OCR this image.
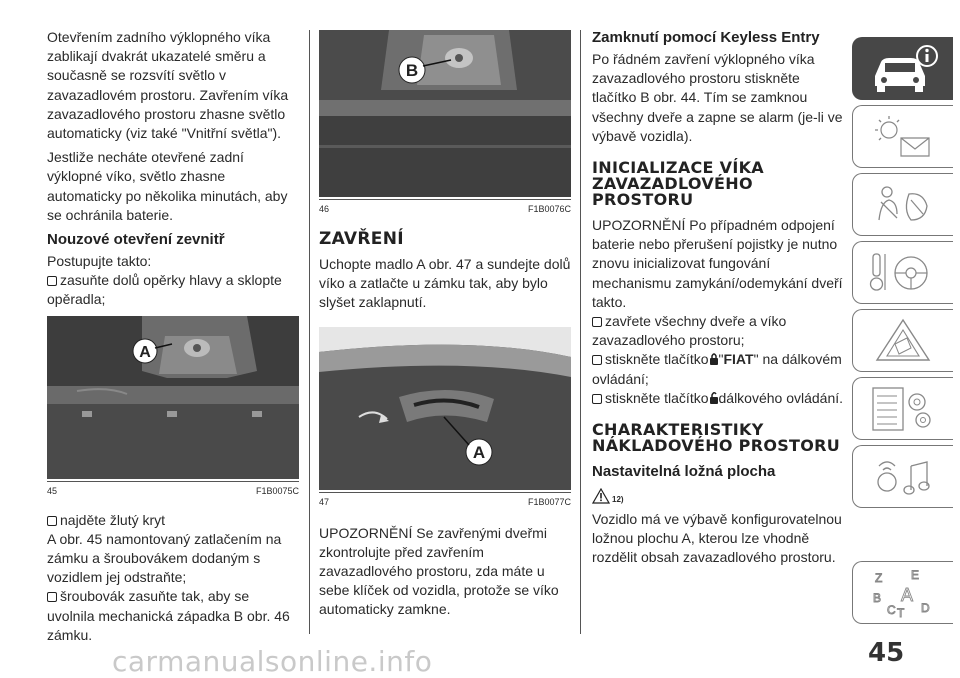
Otevřením zadního výklopného víka zablikají dvakrát ukazatelé směru a současně se rozsvítí světlo v zavazadlovém prostoru. Zavřením víka zavazadlového prostoru zhasne světlo automaticky (viz také "Vnitřní světla").

Jestliže necháte otevřené zadní výklopné víko, světlo zhasne automaticky po několika minutách, aby se ochránila baterie.

Nouzové otevření zevnitř

Postupujte takto:

zasuňte dolů opěrky hlavy a sklopte opěradla;

A
45	F1B0075C

najděte žlutý kryt

A obr. 45 namontovaný zatlačením na zámku a šroubovákem dodaným s vozidlem jej odstraňte;

šroubovák zasuňte tak, aby se uvolnila mechanická západka B obr. 46 zámku.

B
46	F1B0076C
ZAVŘENÍ

Uchopte madlo A obr. 47 a sundejte dolů víko a zatlačte u zámku tak, aby bylo slyšet zaklapnutí.

A
47	F1B0077C

UPOZORNĚNÍ Se zavřenými dveřmi zkontrolujte před zavřením zavazadlového prostoru, zda máte u sebe klíček od vozidla, protože se víko automaticky zamkne.

Zamknutí pomocí Keyless Entry

Po řádném zavření výklopného víka zavazadlového prostoru stiskněte tlačítko B obr. 44. Tím se zamknou všechny dveře a zapne se alarm (je-li ve výbavě vozidla).

INICIALIZACE VÍKA ZAVAZADLOVÉHO PROSTORU

UPOZORNĚNÍ Po případném odpojení baterie nebo přerušení pojistky je nutno znovu inicializovat fungování mechanismu zamykání/odemykání dveří takto.

zavřete všechny dveře a víko zavazadlového prostoru;

stiskněte tlačítko "FIAT" na dálkovém ovládání;

stiskněte tlačítko dálkového ovládání.

CHARAKTERISTIKY NÁKLADOVÉHO PROSTORU
Nastavitelná ložná plocha
12)

Vozidlo má ve výbavě konfigurovatelnou ložnou plochu A, kterou lze vhodně rozdělit obsah zavazadlového prostoru.

Z E
B A
C T D
45
carmanualsonline.info
